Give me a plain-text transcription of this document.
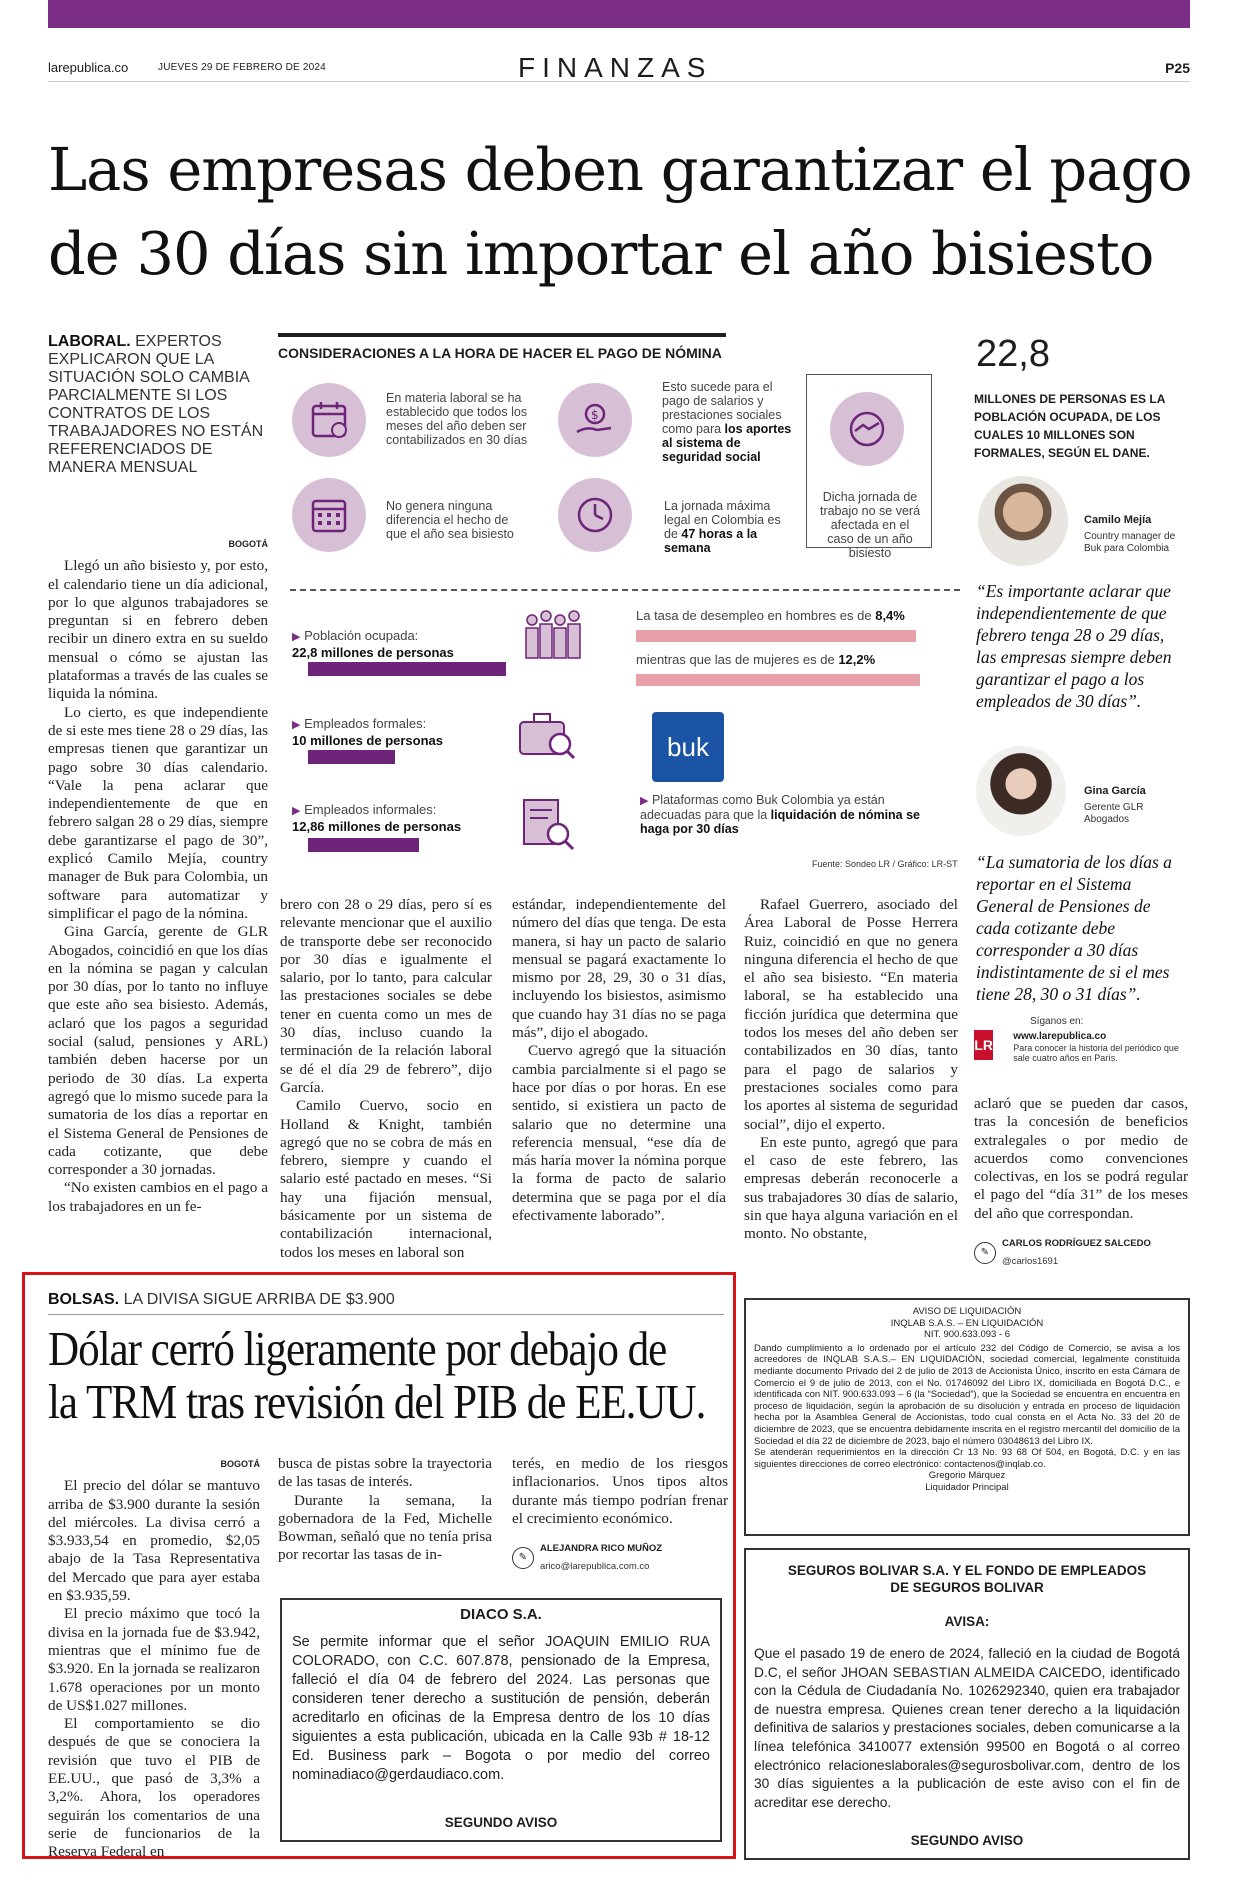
larepublica.co	JUEVES 29 DE FEBRERO DE 2024	FINANZAS	P25
Las empresas deben garantizar el pago
de 30 días sin importar el año bisiesto
LABORAL. EXPERTOS EXPLICARON QUE LA SITUACIÓN SOLO CAMBIA PARCIALMENTE SI LOS CONTRATOS DE LOS TRABAJADORES NO ESTÁN REFERENCIADOS DE MANERA MENSUAL
BOGOTÁ

Llegó un año bisiesto y, por esto, el calendario tiene un día adicional, por lo que algunos trabajadores se preguntan si en febrero deben recibir un dinero extra en su sueldo mensual o cómo se ajustan las plataformas a través de las cuales se liquida la nómina.

Lo cierto, es que independiente de si este mes tiene 28 o 29 días, las empresas tienen que garantizar un pago sobre 30 días calendario. “Vale la pena aclarar que independientemente de que en febrero salgan 28 o 29 días, siempre debe garantizarse el pago de 30”, explicó Camilo Mejía, country manager de Buk para Colombia, un software para automatizar y simplificar el pago de la nómina.

Gina García, gerente de GLR Abogados, coincidió en que los días en la nómina se pagan y calculan por 30 días, por lo tanto no influye que este año sea bisiesto. Además, aclaró que los pagos a seguridad social (salud, pensiones y ARL) también deben hacerse por un periodo de 30 días. La experta agregó que lo mismo sucede para la sumatoria de los días a reportar en el Sistema General de Pensiones de cada cotizante, que debe corresponder a 30 jornadas.

“No existen cambios en el pago a los trabajadores en un fe-

brero con 28 o 29 días, pero sí es relevante mencionar que el auxilio de transporte debe ser reconocido por 30 días e igualmente el salario, por lo tanto, para calcular las prestaciones sociales se debe tener en cuenta como un mes de 30 días, incluso cuando la terminación de la relación laboral se dé el día 29 de febrero”, dijo García.

Camilo Cuervo, socio en Holland & Knight, también agregó que no se cobra de más en febrero, siempre y cuando el salario esté pactado en meses. “Si hay una fijación mensual, básicamente por un sistema de contabilización internacional, todos los meses en laboral son

estándar, independientemente del número del días que tenga. De esta manera, si hay un pacto de salario mensual se pagará exactamente lo mismo por 28, 29, 30 o 31 días, incluyendo los bisiestos, asimismo que cuando hay 31 días no se paga más”, dijo el abogado.

Cuervo agregó que la situación cambia parcialmente si el pago se hace por días o por horas. En ese sentido, si existiera un pacto de salario que no determine una referencia mensual, “ese día de más haría mover la nómina porque la forma de pacto de salario determina que se paga por el día efectivamente laborado”.

Rafael Guerrero, asociado del Área Laboral de Posse Herrera Ruiz, coincidió en que no genera ninguna diferencia el hecho de que el año sea bisiesto. “En materia laboral, se ha establecido una ficción jurídica que determina que todos los meses del año deben ser contabilizados en 30 días, tanto para el pago de salarios y prestaciones sociales como para los aportes al sistema de seguridad social”, dijo el experto.

En este punto, agregó que para el caso de este febrero, las empresas deberán reconocerle a sus trabajadores 30 días de salario, sin que haya alguna variación en el monto. No obstante,

aclaró que se pueden dar casos, tras la concesión de beneficios extralegales o por medio de acuerdos como convenciones colectivas, en los se podrá regular el pago del “día 31” de los meses del año que correspondan.

✎
CARLOS RODRÍGUEZ SALCEDO
@carlos1691
CONSIDERACIONES A LA HORA DE HACER EL PAGO DE NÓMINA
En materia laboral se ha establecido que todos los meses del año deben ser contabilizados en 30 días
$
Esto sucede para el pago de salarios y prestaciones sociales como para los aportes al sistema de seguridad social
Dicha jornada de trabajo no se verá afectada en el caso de un año bisiesto
No genera ninguna diferencia el hecho de que el año sea bisiesto
La jornada máxima legal en Colombia es de 47 horas a la semana
▶ Población ocupada:
22,8 millones de personas
▶ Empleados formales:
10 millones de personas
▶ Empleados informales:
12,86 millones de personas
La tasa de desempleo en hombres es de 8,4%
mientras que las de mujeres es de 12,2%
buk
▶ Plataformas como Buk Colombia ya están adecuadas para que la liquidación de nómina se haga por 30 días
Fuente: Sondeo LR / Gráfico: LR-ST
22,8
MILLONES DE PERSONAS ES LA POBLACIÓN OCUPADA, DE LOS CUALES 10 MILLONES SON FORMALES, SEGÚN EL DANE.
Camilo Mejía
Country manager de Buk para Colombia
“Es importante aclarar que independientemente de que febrero tenga 28 o 29 días, las empresas siempre deben garantizar el pago a los empleados de 30 días”.
Gina García
Gerente GLR Abogados
“La sumatoria de los días a reportar en el Sistema General de Pensiones de cada cotizante debe corresponder a 30 días indistintamente de si el mes tiene 28, 30 o 31 días”.
Síganos en:
LR
www.larepublica.co
Para conocer la historia del periódico que sale cuatro años en París.
BOLSAS. LA DIVISA SIGUE ARRIBA DE $3.900
Dólar cerró ligeramente por debajo de
la TRM tras revisión del PIB de EE.UU.
BOGOTÁ

El precio del dólar se mantuvo arriba de $3.900 durante la sesión del miércoles. La divisa cerró a $3.933,54 en promedio, $2,05 abajo de la Tasa Representativa del Mercado que para ayer estaba en $3.935,59.

El precio máximo que tocó la divisa en la jornada fue de $3.942, mientras que el mínimo fue de $3.920. En la jornada se realizaron 1.678 operaciones por un monto de US$1.027 millones.

El comportamiento se dio después de que se conociera la revisión que tuvo el PIB de EE.UU., que pasó de 3,3% a 3,2%. Ahora, los operadores seguirán los comentarios de una serie de funcionarios de la Reserva Federal en

busca de pistas sobre la trayectoria de las tasas de interés.

Durante la semana, la gobernadora de la Fed, Michelle Bowman, señaló que no tenía prisa por recortar las tasas de in-

terés, en medio de los riesgos inflacionarios. Unos tipos altos durante más tiempo podrían frenar el crecimiento económico.

✎
ALEJANDRA RICO MUÑOZ
arico@larepublica.com.co
DIACO S.A.
Se permite informar que el señor JOAQUIN EMILIO RUA COLORADO, con C.C. 607.878, pensionado de la Empresa, falleció el día 04 de febrero del 2024. Las personas que consideren tener derecho a sustitución de pensión, deberán acreditarlo en oficinas de la Empresa dentro de los 10 días siguientes a esta publicación, ubicada en la Calle 93b # 18-12 Ed. Business park – Bogota o por medio del correo nominadiaco@gerdaudiaco.com.
SEGUNDO AVISO
AVISO DE LIQUIDACIÓN
INQLAB S.A.S. – EN LIQUIDACIÓN
NIT. 900.633.093 - 6
Dando cumplimiento a lo ordenado por el artículo 232 del Código de Comercio, se avisa a los acreedores de INQLAB S.A.S.– EN LIQUIDACIÓN, sociedad comercial, legalmente constituida mediante documento Privado del 2 de julio de 2013 de Accionista Único, inscrito en esta Cámara de Comercio el 9 de julio de 2013, con el No. 01746092 del Libro IX, domiciliada en Bogotá D.C., e identificada con NIT. 900.633.093 – 6 (la “Sociedad”), que la Sociedad se encuentra en encuentra en proceso de liquidación, según la aprobación de su disolución y entrada en proceso de liquidación hecha por la Asamblea General de Accionistas, todo cual consta en el Acta No. 33 del 20 de diciembre de 2023, que se encuentra debidamente inscrita en el registro mercantil del domicilio de la Sociedad el día 22 de diciembre de 2023, bajo el número 03048613 del Libro IX.
Se atenderán requerimientos en la dirección Cr 13 No. 93 68 Of 504, en Bogotá, D.C. y en las siguientes direcciones de correo electrónico: contactenos@inqlab.co.
Gregorio Márquez
Liquidador Principal
SEGUROS BOLIVAR S.A. Y EL FONDO DE EMPLEADOS DE SEGUROS BOLIVAR
AVISA:
Que el pasado 19 de enero de 2024, falleció en la ciudad de Bogotá D.C, el señor JHOAN SEBASTIAN ALMEIDA CAICEDO, identificado con la Cédula de Ciudadanía No. 1026292340, quien era trabajador de nuestra empresa. Quienes crean tener derecho a la liquidación definitiva de salarios y prestaciones sociales, deben comunicarse a la línea telefónica 3410077 extensión 99500 en Bogotá o al correo electrónico relacioneslaborales@segurosbolivar.com, dentro de los 30 días siguientes a la publicación de este aviso con el fin de acreditar ese derecho.
SEGUNDO AVISO
